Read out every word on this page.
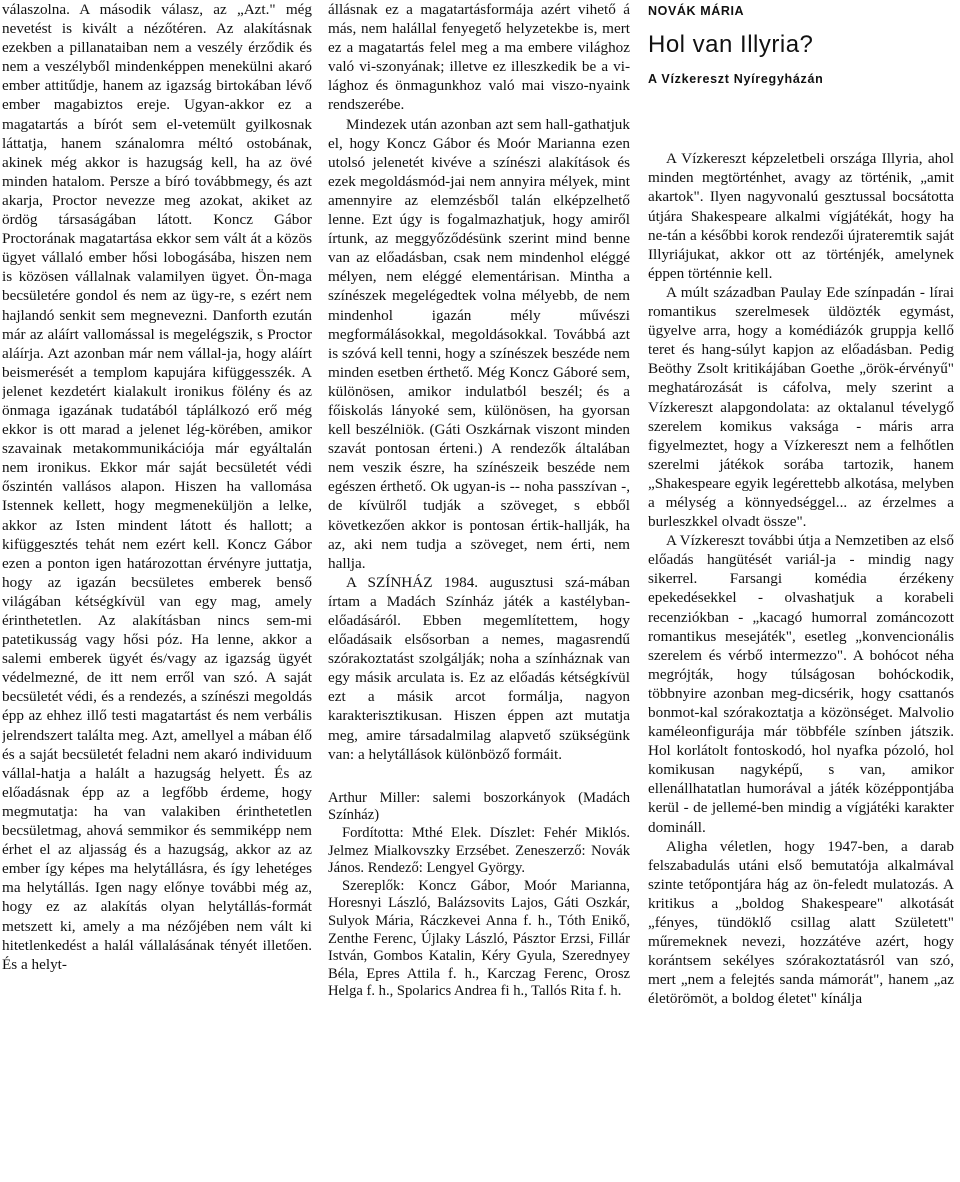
válaszolna. A második válasz, az „Azt." még nevetést is kivált a nézőtéren. Az alakításnak ezekben a pillanataiban nem a veszély érződik és nem a veszélyből mindenképpen menekülni akaró ember attitűdje, hanem az igazság birtokában lévő ember magabiztos ereje. Ugyan-akkor ez a magatartás a bírót sem el-vetemült gyilkosnak láttatja, hanem szánalomra méltó ostobának, akinek még akkor is hazugság kell, ha az övé minden hatalom. Persze a bíró továbbmegy, és azt akarja, Proctor nevezze meg azokat, akiket az ördög társaságában látott. Koncz Gábor Proctorának magatartása ekkor sem vált át a közös ügyet vállaló ember hősi lobogásába, hiszen nem is közösen vállalnak valamilyen ügyet. Ön-maga becsületére gondol és nem az ügy-re, s ezért nem hajlandó senkit sem megnevezni. Danforth ezután már az aláírt vallomással is megelégszik, s Proctor aláírja. Azt azonban már nem vállal-ja, hogy aláírt beismerését a templom kapujára kifüggesszék. A jelenet kezdetért kialakult ironikus fölény és az önmaga igazának tudatából táplálkozó erő még ekkor is ott marad a jelenet lég-körében, amikor szavainak metakommunikációja már egyáltalán nem ironikus. Ekkor már saját becsületét védi őszintén vallásos alapon. Hiszen ha vallomása Istennek kellett, hogy megmeneküljön a lelke, akkor az Isten mindent látott és hallott; a kifüggesztés tehát nem ezért kell. Koncz Gábor ezen a ponton igen határozottan érvényre juttatja, hogy az igazán becsületes emberek benső világában kétségkívül van egy mag, amely érinthetetlen. Az alakításban nincs sem-mi patetikusság vagy hősi póz. Ha lenne, akkor a salemi emberek ügyét és/vagy az igazság ügyét védelmezné, de itt nem erről van szó. A saját becsületét védi, és a rendezés, a színészi megoldás épp az ehhez illő testi magatartást és nem verbális jelrendszert találta meg. Azt, amellyel a mában élő és a saját becsületét feladni nem akaró individuum vállal-hatja a halált a hazugság helyett. És az előadásnak épp az a legfőbb érdeme, hogy megmutatja: ha van valakiben érinthetetlen becsületmag, ahová semmikor és semmiképp nem érhet el az aljasság és a hazugság, akkor az az ember így képes ma helytállásra, és így lehetéges ma helytállás. Igen nagy előnye további még az, hogy ez az alakítás olyan helytállás-formát metszett ki, amely a ma nézőjében nem vált ki hitetlenkedést a halál vállalásának tényét illetően. És a helyt-

állásnak ez a magatartásformája azért vihető á más, nem halállal fenyegető helyzetekbe is, mert ez a magatartás felel meg a ma embere világhoz való vi-szonyának; illetve ez illeszkedik be a vi-lághoz és önmagunkhoz való mai viszo-nyaink rendszerébe.

Mindezek után azonban azt sem hall-gathatjuk el, hogy Koncz Gábor és Moór Marianna ezen utolsó jelenetét kivéve a színészi alakítások és ezek megoldásmód-jai nem annyira mélyek, mint amennyire az elemzésből talán elképzelhető lenne. Ezt úgy is fogalmazhatjuk, hogy amiről írtunk, az meggyőződésünk szerint mind benne van az előadásban, csak nem mindenhol eléggé mélyen, nem eléggé elementárisan. Mintha a színészek megelégedtek volna mélyebb, de nem mindenhol igazán mély művészi megformálásokkal, megoldásokkal. Továbbá azt is szóvá kell tenni, hogy a színészek beszéde nem minden esetben érthető. Még Koncz Gáboré sem, különösen, amikor indulatból beszél; és a főiskolás lányoké sem, különösen, ha gyorsan kell beszélniök. (Gáti Oszkárnak viszont minden szavát pontosan érteni.) A rendezők általában nem veszik észre, ha színészeik beszéde nem egészen érthető. Ok ugyan-is -- noha passzívan -, de kívülről tudják a szöveget, s ebből következően akkor is pontosan értik-hallják, ha az, aki nem tudja a szöveget, nem érti, nem hallja.

A SZÍNHÁZ 1984. augusztusi szá-mában írtam a Madách Színház játék a kastélyban-előadásáról. Ebben megemlítettem, hogy előadásaik elsősorban a nemes, magasrendű szórakoztatást szolgálják; noha a színháznak van egy másik arculata is. Ez az előadás kétségkívül ezt a másik arcot formálja, nagyon karakterisztikusan. Hiszen éppen azt mutatja meg, amire társadalmilag alapvető szükségünk van: a helytállások különböző formáit.

Arthur Miller: salemi boszorkányok (Madách Színház)

Fordította: Mthé Elek. Díszlet: Fehér Miklós. Jelmez Mialkovszky Erzsébet. Zeneszerző: Novák János. Rendező: Lengyel György.

Szereplők: Koncz Gábor, Moór Marianna, Horesnyi László, Balázsovits Lajos, Gáti Oszkár, Sulyok Mária, Ráczkevei Anna f. h., Tóth Enikő, Zenthe Ferenc, Újlaky László, Pásztor Erzsi, Fillár István, Gombos Katalin, Kéry Gyula, Szerednyey Béla, Epres Attila f. h., Karczag Ferenc, Orosz Helga f. h., Spolarics Andrea fi h., Tallós Rita f. h.

NOVÁK MÁRIA
Hol van Illyria?
A Vízkereszt Nyíregyházán

A Vízkereszt képzeletbeli országa Illyria, ahol minden megtörténhet, avagy az történik, „amit akartok". Ilyen nagyvonalú gesztussal bocsátotta útjára Shakespeare alkalmi vígjátékát, hogy ha ne-tán a későbbi korok rendezői újrateremtik saját Illyriájukat, akkor ott az történjék, amelynek éppen történnie kell.

A múlt században Paulay Ede színpadán - lírai romantikus szerelmesek üldözték egymást, ügyelve arra, hogy a komédiázók gruppja kellő teret és hang-súlyt kapjon az előadásban. Pedig Beöthy Zsolt kritikájában Goethe „örök-érvényű" meghatározását is cáfolva, mely szerint a Vízkereszt alapgondolata: az oktalanul tévelygő szerelem komikus vaksága - máris arra figyelmeztet, hogy a Vízkereszt nem a felhőtlen szerelmi játékok sorába tartozik, hanem „Shakespeare egyik legérettebb alkotása, melyben a mélység a könnyedséggel... az érzelmes a burleszkkel olvadt össze".

A Vízkereszt további útja a Nemzetiben az első előadás hangütését variál-ja - mindig nagy sikerrel. Farsangi komédia érzékeny epekedésekkel - olvashatjuk a korabeli recenziókban - „kacagó humorral zománcozott romantikus mesejáték", esetleg „konvencionális szerelem és vérbő intermezzo". A bohócot néha megrójták, hogy túlságosan bohóckodik, többnyire azonban meg-dicsérik, hogy csattanós bonmot-kal szórakoztatja a közönséget. Malvolio kaméleonfigurája már többféle színben játszik. Hol korlátolt fontoskodó, hol nyafka pózoló, hol komikusan nagyképű, s van, amikor ellenállhatatlan humorával a játék középpontjába kerül - de jellemé-ben mindig a vígjátéki karakter domináll.

Aligha véletlen, hogy 1947-ben, a darab felszabadulás utáni első bemutatója alkalmával szinte tetőpontjára hág az ön-feledt mulatozás. A kritikus a „boldog Shakespeare" alkotását „fényes, tündöklő csillag alatt Született" műremeknek nevezi, hozzátéve azért, hogy korántsem sekélyes szórakoztatásról van szó, mert „nem a felejtés sanda mámorát", hanem „az életörömöt, a boldog életet" kínálja
